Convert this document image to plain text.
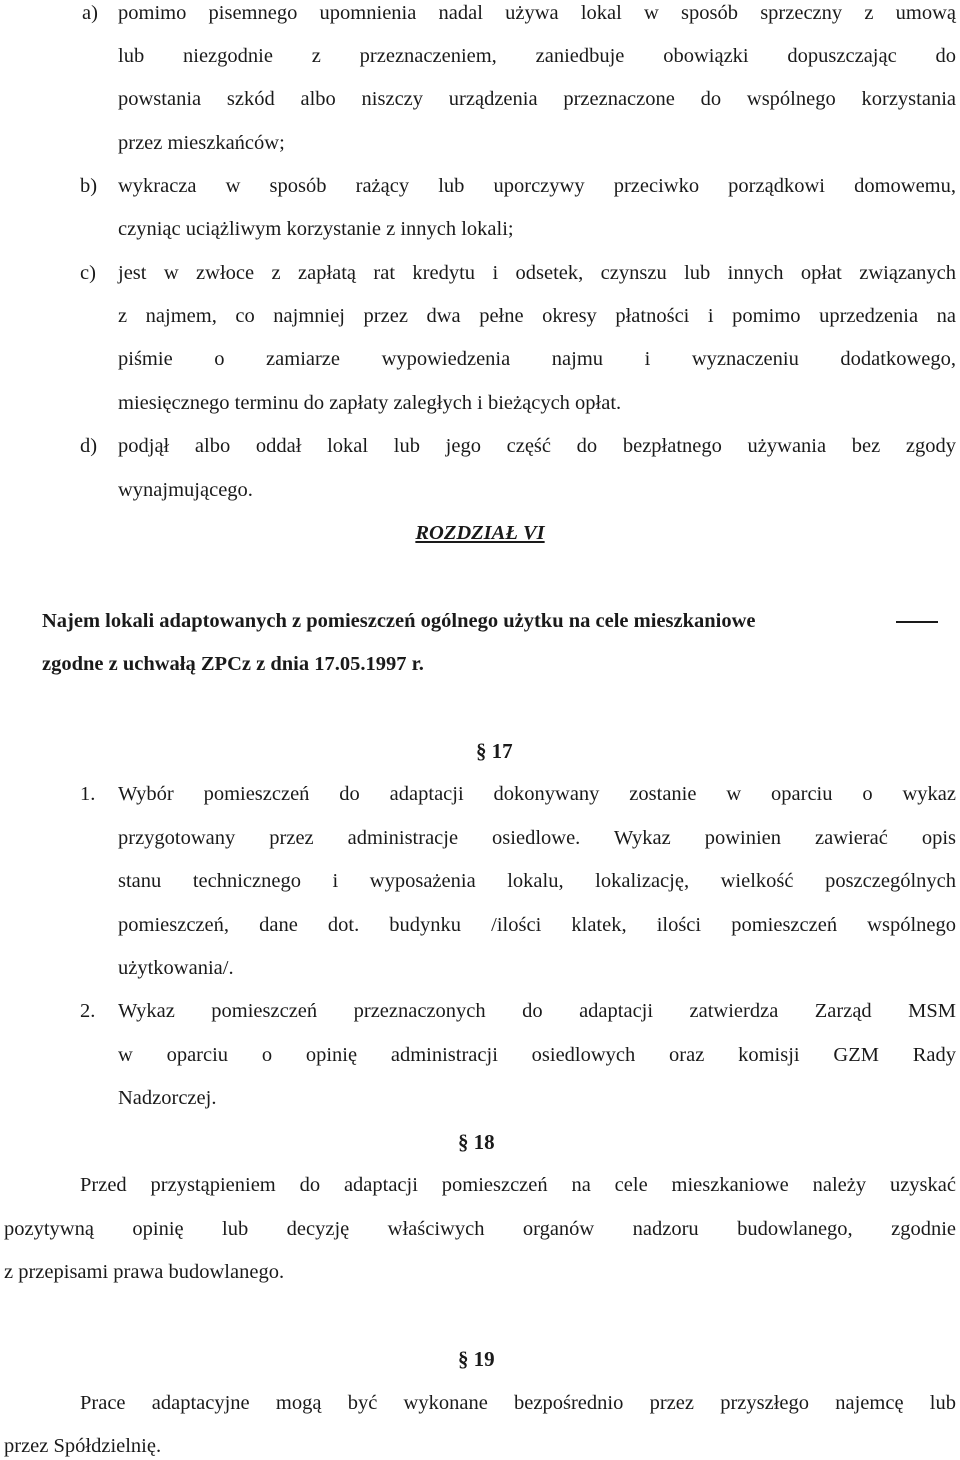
a) pomimo pisemnego upomnienia nadal używa lokal w sposób sprzeczny z umową
lub niezgodnie z przeznaczeniem, zaniedbuje obowiązki dopuszczając do
powstania szkód albo niszczy urządzenia przeznaczone do wspólnego korzystania
przez mieszkańców;
b) wykracza w sposób rażący lub uporczywy przeciwko porządkowi domowemu,
czyniąc uciążliwym korzystanie z innych lokali;
c) jest w zwłoce z zapłatą rat kredytu i odsetek, czynszu lub innych opłat związanych
z najmem, co najmniej przez dwa pełne okresy płatności i pomimo uprzedzenia na
piśmie o zamiarze wypowiedzenia najmu i wyznaczeniu dodatkowego,
miesięcznego terminu do zapłaty zaległych i bieżących opłat.
d) podjął albo oddał lokal lub jego część do bezpłatnego używania bez zgody
wynajmującego.
ROZDZIAŁ VI
Najem lokali adaptowanych z pomieszczeń ogólnego użytku na cele mieszkaniowe
zgodne z uchwałą ZPCz z dnia 17.05.1997 r.
§ 17
1. Wybór pomieszczeń do adaptacji dokonywany zostanie w oparciu o wykaz
przygotowany przez administracje osiedlowe. Wykaz powinien zawierać opis
stanu technicznego i wyposażenia lokalu, lokalizację, wielkość poszczególnych
pomieszczeń, dane dot. budynku /ilości klatek, ilości pomieszczeń wspólnego
użytkowania/.
2. Wykaz pomieszczeń przeznaczonych do adaptacji zatwierdza Zarząd MSM
w oparciu o opinię administracji osiedlowych oraz komisji GZM Rady
Nadzorczej.
§ 18
Przed przystąpieniem do adaptacji pomieszczeń na cele mieszkaniowe należy uzyskać
pozytywną opinię lub decyzję właściwych organów nadzoru budowlanego, zgodnie
z przepisami prawa budowlanego.
§ 19
Prace adaptacyjne mogą być wykonane bezpośrednio przez przyszłego najemcę lub
przez Spółdzielnię.
